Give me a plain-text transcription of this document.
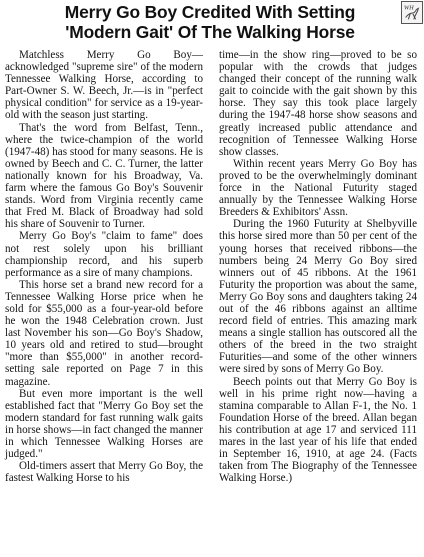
WH
Merry Go Boy Credited With Setting
'Modern Gait' Of The Walking Horse

Matchless Merry Go Boy—acknowledged "supreme sire" of the modern Tennessee Walking Horse, according to Part-Owner S. W. Beech, Jr.—is in "perfect physical condition" for service as a 19-year-old with the season just starting.

That's the word from Belfast, Tenn., where the twice-champion of the world (1947-48) has stood for many seasons. He is owned by Beech and C. C. Turner, the latter nationally known for his Broadway, Va. farm where the famous Go Boy's Souvenir stands. Word from Virginia recently came that Fred M. Black of Broadway had sold his share of Souvenir to Turner.

Merry Go Boy's "claim to fame" does not rest solely upon his brilliant championship record, and his superb performance as a sire of many champions.

This horse set a brand new record for a Tennessee Walking Horse price when he sold for $55,000 as a four-year-old before he won the 1948 Celebration crown. Just last November his son—Go Boy's Shadow, 10 years old and retired to stud—brought "more than $55,000" in another record-setting sale reported on Page 7 in this magazine.

But even more important is the well established fact that "Merry Go Boy set the modern standard for fast running walk gaits in horse shows—in fact changed the manner in which Tennessee Walking Horses are judged."

Old-timers assert that Merry Go Boy, the fastest Walking Horse to his

time—in the show ring—proved to be so popular with the crowds that judges changed their concept of the running walk gait to coincide with the gait shown by this horse. They say this took place largely during the 1947-48 horse show seasons and greatly increased public attendance and recognition of Tennessee Walking Horse show classes.

Within recent years Merry Go Boy has proved to be the overwhelmingly dominant force in the National Futurity staged annually by the Tennessee Walking Horse Breeders & Exhibitors' Assn.

During the 1960 Futurity at Shelbyville this horse sired more than 50 per cent of the young horses that received ribbons—the numbers being 24 Merry Go Boy sired winners out of 45 ribbons. At the 1961 Futurity the proportion was about the same, Merry Go Boy sons and daughters taking 24 out of the 46 ribbons against an alltime record field of entries. This amazing mark means a single stallion has outscored all the others of the breed in the two straight Futurities—and some of the other winners were sired by sons of Merry Go Boy.

Beech points out that Merry Go Boy is well in his prime right now—having a stamina comparable to Allan F-1, the No. 1 Foundation Horse of the breed. Allan began his contribution at age 17 and serviced 111 mares in the last year of his life that ended in September 16, 1910, at age 24. (Facts taken from The Biography of the Tennessee Walking Horse.)
